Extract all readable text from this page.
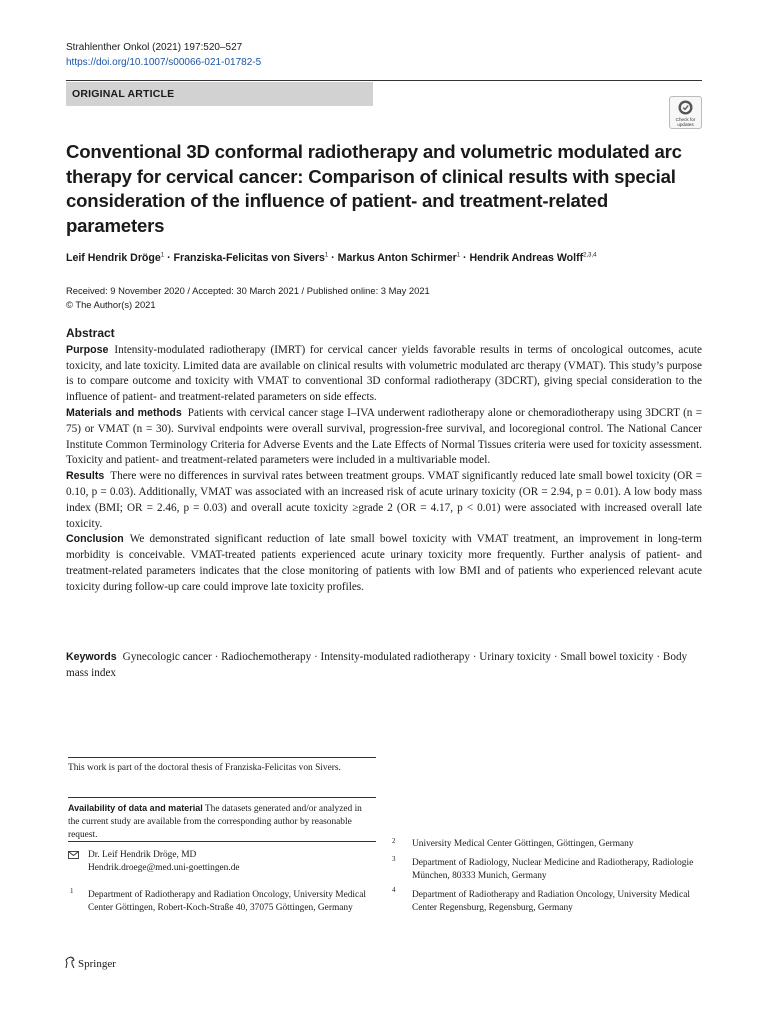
Strahlenther Onkol (2021) 197:520–527
https://doi.org/10.1007/s00066-021-01782-5
ORIGINAL ARTICLE
Check for updates
Conventional 3D conformal radiotherapy and volumetric modulated arc therapy for cervical cancer: Comparison of clinical results with special consideration of the influence of patient- and treatment-related parameters
Leif Hendrik Dröge$^1$ · Franziska-Felicitas von Sivers$^1$ · Markus Anton Schirmer$^1$ · Hendrik Andreas Wolff$^{2,3,4}$
Received: 9 November 2020 / Accepted: 30 March 2021 / Published online: 3 May 2021
© The Author(s) 2021
Abstract

Purpose Intensity-modulated radiotherapy (IMRT) for cervical cancer yields favorable results in terms of oncological outcomes, acute toxicity, and late toxicity. Limited data are available on clinical results with volumetric modulated arc therapy (VMAT). This study’s purpose is to compare outcome and toxicity with VMAT to conventional 3D conformal radiotherapy (3DCRT), giving special consideration to the influence of patient- and treatment-related parameters on side effects.

Materials and methods Patients with cervical cancer stage I–IVA underwent radiotherapy alone or chemoradiotherapy using 3DCRT (n = 75) or VMAT (n = 30). Survival endpoints were overall survival, progression-free survival, and locoregional control. The National Cancer Institute Common Terminology Criteria for Adverse Events and the Late Effects of Normal Tissues criteria were used for toxicity assessment. Toxicity and patient- and treatment-related parameters were included in a multivariable model.

Results There were no differences in survival rates between treatment groups. VMAT significantly reduced late small bowel toxicity (OR = 0.10, p = 0.03). Additionally, VMAT was associated with an increased risk of acute urinary toxicity (OR = 2.94, p = 0.01). A low body mass index (BMI; OR = 2.46, p = 0.03) and overall acute toxicity ≥grade 2 (OR = 4.17, p < 0.01) were associated with increased overall late toxicity.

Conclusion We demonstrated significant reduction of late small bowel toxicity with VMAT treatment, an improvement in long-term morbidity is conceivable. VMAT-treated patients experienced acute urinary toxicity more frequently. Further analysis of patient- and treatment-related parameters indicates that the close monitoring of patients with low BMI and of patients who experienced relevant acute toxicity during follow-up care could improve late toxicity profiles.

Keywords Gynecologic cancer · Radiochemotherapy · Intensity-modulated radiotherapy · Urinary toxicity · Small bowel toxicity · Body mass index
This work is part of the doctoral thesis of Franziska-Felicitas von Sivers.
Availability of data and material The datasets generated and/or analyzed in the current study are available from the corresponding author by reasonable request.
Dr. Leif Hendrik Dröge, MD
Hendrik.droege@med.uni-goettingen.de
1 Department of Radiotherapy and Radiation Oncology, University Medical Center Göttingen, Robert-Koch-Straße 40, 37075 Göttingen, Germany
2 University Medical Center Göttingen, Göttingen, Germany
3 Department of Radiology, Nuclear Medicine and Radiotherapy, Radiologie München, 80333 Munich, Germany
4 Department of Radiotherapy and Radiation Oncology, University Medical Center Regensburg, Regensburg, Germany
Springer
